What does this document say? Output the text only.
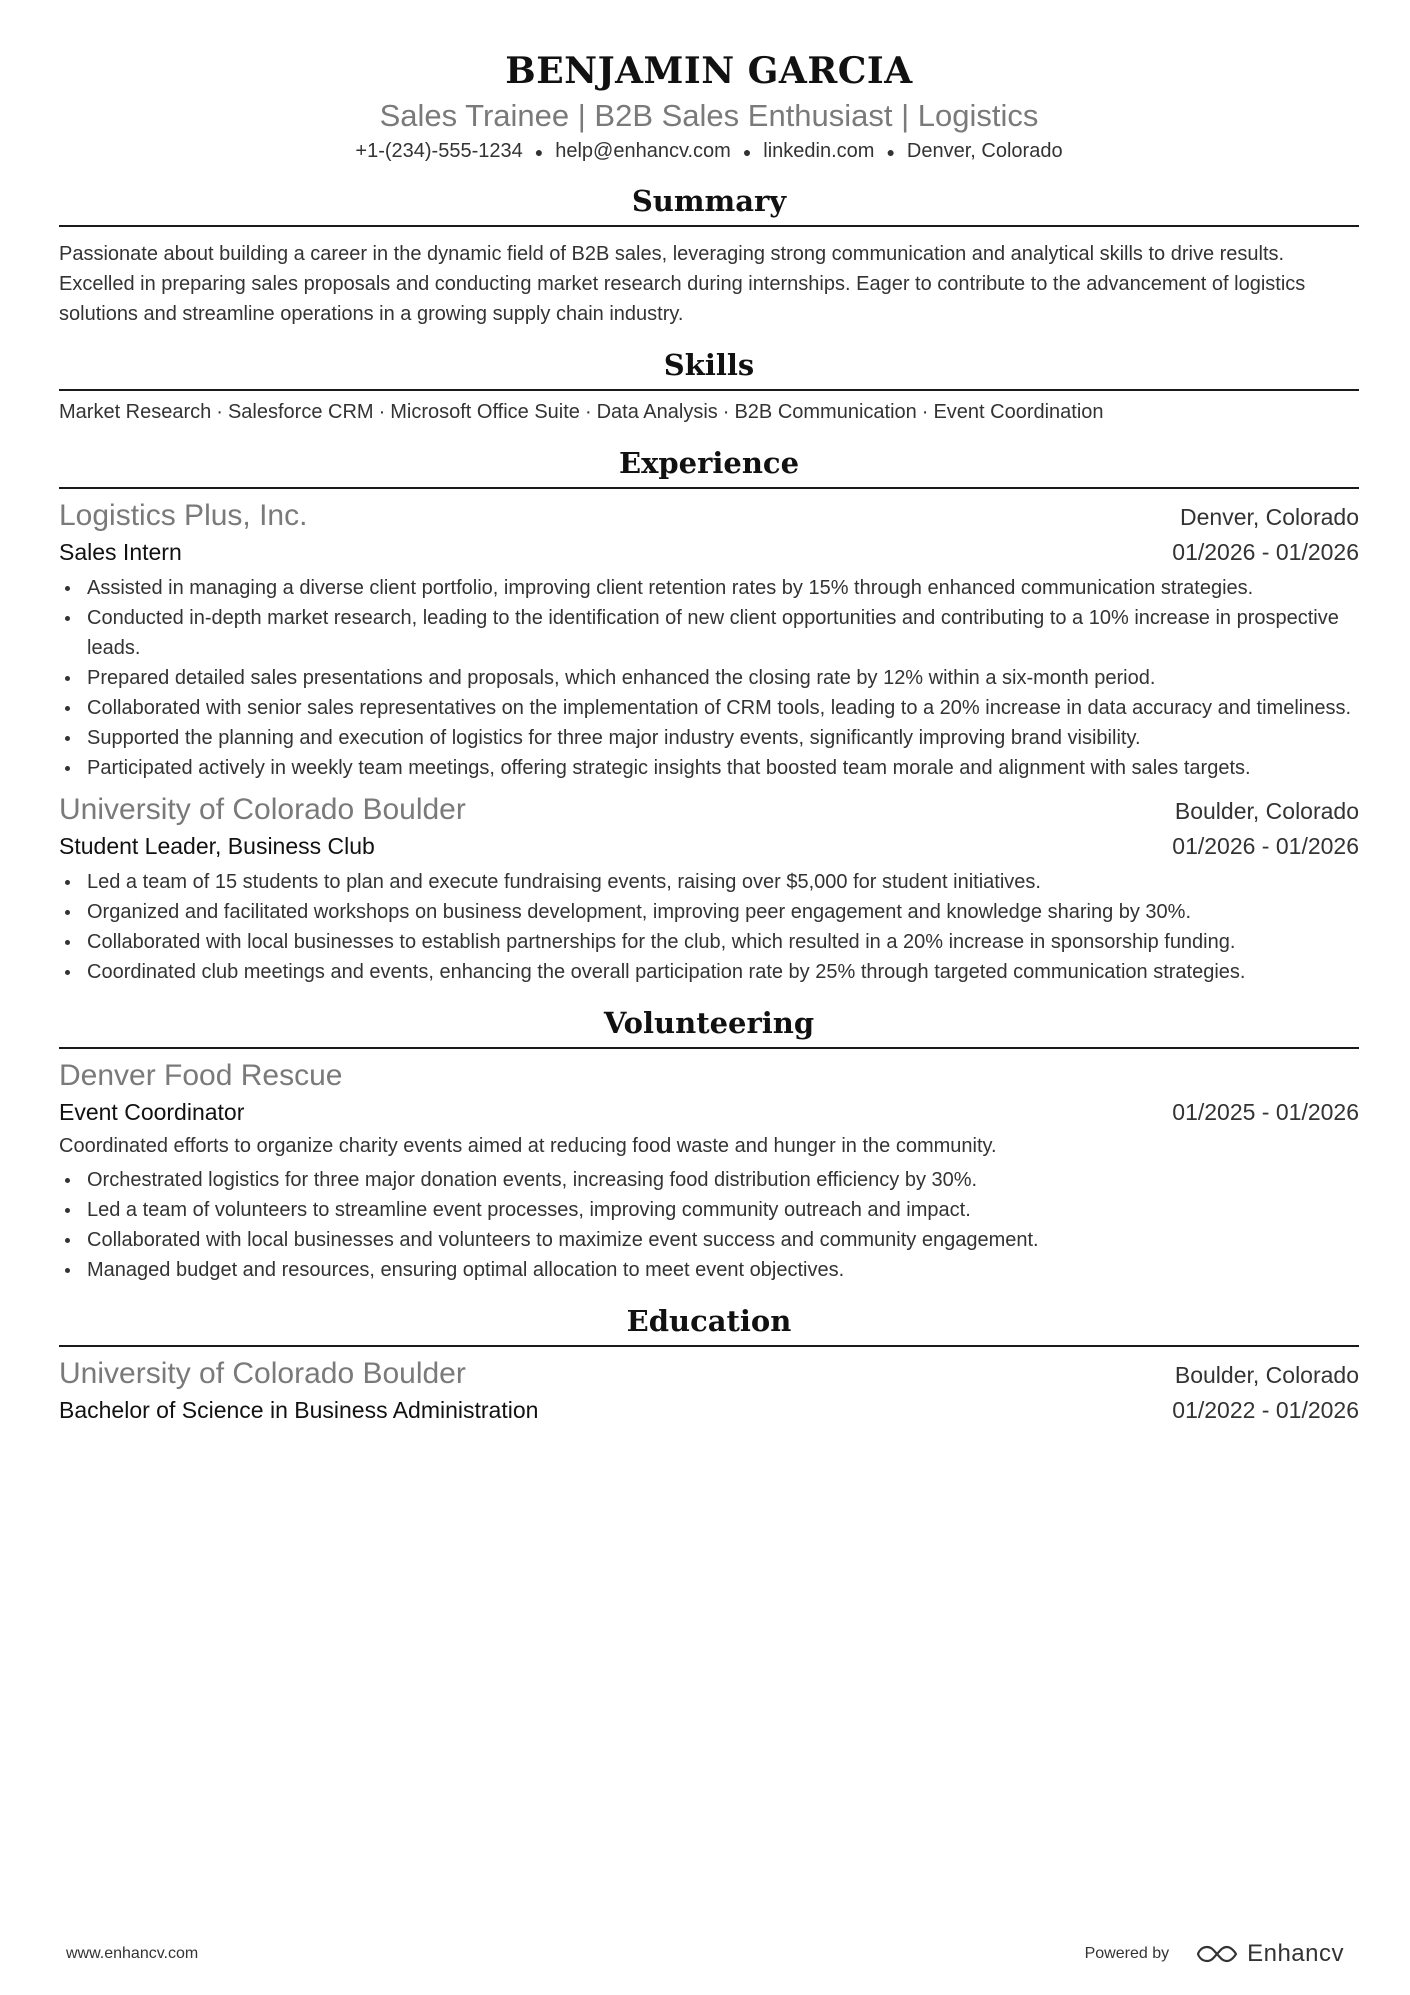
BENJAMIN GARCIA
Sales Trainee | B2B Sales Enthusiast | Logistics
+1-(234)-555-1234 ● help@enhancv.com ● linkedin.com ● Denver, Colorado
Summary
Passionate about building a career in the dynamic field of B2B sales, leveraging strong communication and analytical skills to drive results. Excelled in preparing sales proposals and conducting market research during internships. Eager to contribute to the advancement of logistics solutions and streamline operations in a growing supply chain industry.
Skills
Market Research · Salesforce CRM · Microsoft Office Suite · Data Analysis · B2B Communication · Event Coordination
Experience
Logistics Plus, Inc.	Denver, Colorado
Sales Intern	01/2026 - 01/2026
Assisted in managing a diverse client portfolio, improving client retention rates by 15% through enhanced communication strategies.
Conducted in-depth market research, leading to the identification of new client opportunities and contributing to a 10% increase in prospective leads.
Prepared detailed sales presentations and proposals, which enhanced the closing rate by 12% within a six-month period.
Collaborated with senior sales representatives on the implementation of CRM tools, leading to a 20% increase in data accuracy and timeliness.
Supported the planning and execution of logistics for three major industry events, significantly improving brand visibility.
Participated actively in weekly team meetings, offering strategic insights that boosted team morale and alignment with sales targets.
University of Colorado Boulder	Boulder, Colorado
Student Leader, Business Club	01/2026 - 01/2026
Led a team of 15 students to plan and execute fundraising events, raising over $5,000 for student initiatives.
Organized and facilitated workshops on business development, improving peer engagement and knowledge sharing by 30%.
Collaborated with local businesses to establish partnerships for the club, which resulted in a 20% increase in sponsorship funding.
Coordinated club meetings and events, enhancing the overall participation rate by 25% through targeted communication strategies.
Volunteering
Denver Food Rescue
Event Coordinator	01/2025 - 01/2026
Coordinated efforts to organize charity events aimed at reducing food waste and hunger in the community.
Orchestrated logistics for three major donation events, increasing food distribution efficiency by 30%.
Led a team of volunteers to streamline event processes, improving community outreach and impact.
Collaborated with local businesses and volunteers to maximize event success and community engagement.
Managed budget and resources, ensuring optimal allocation to meet event objectives.
Education
University of Colorado Boulder	Boulder, Colorado
Bachelor of Science in Business Administration	01/2022 - 01/2026
www.enhancv.com	Powered by	Enhancv
